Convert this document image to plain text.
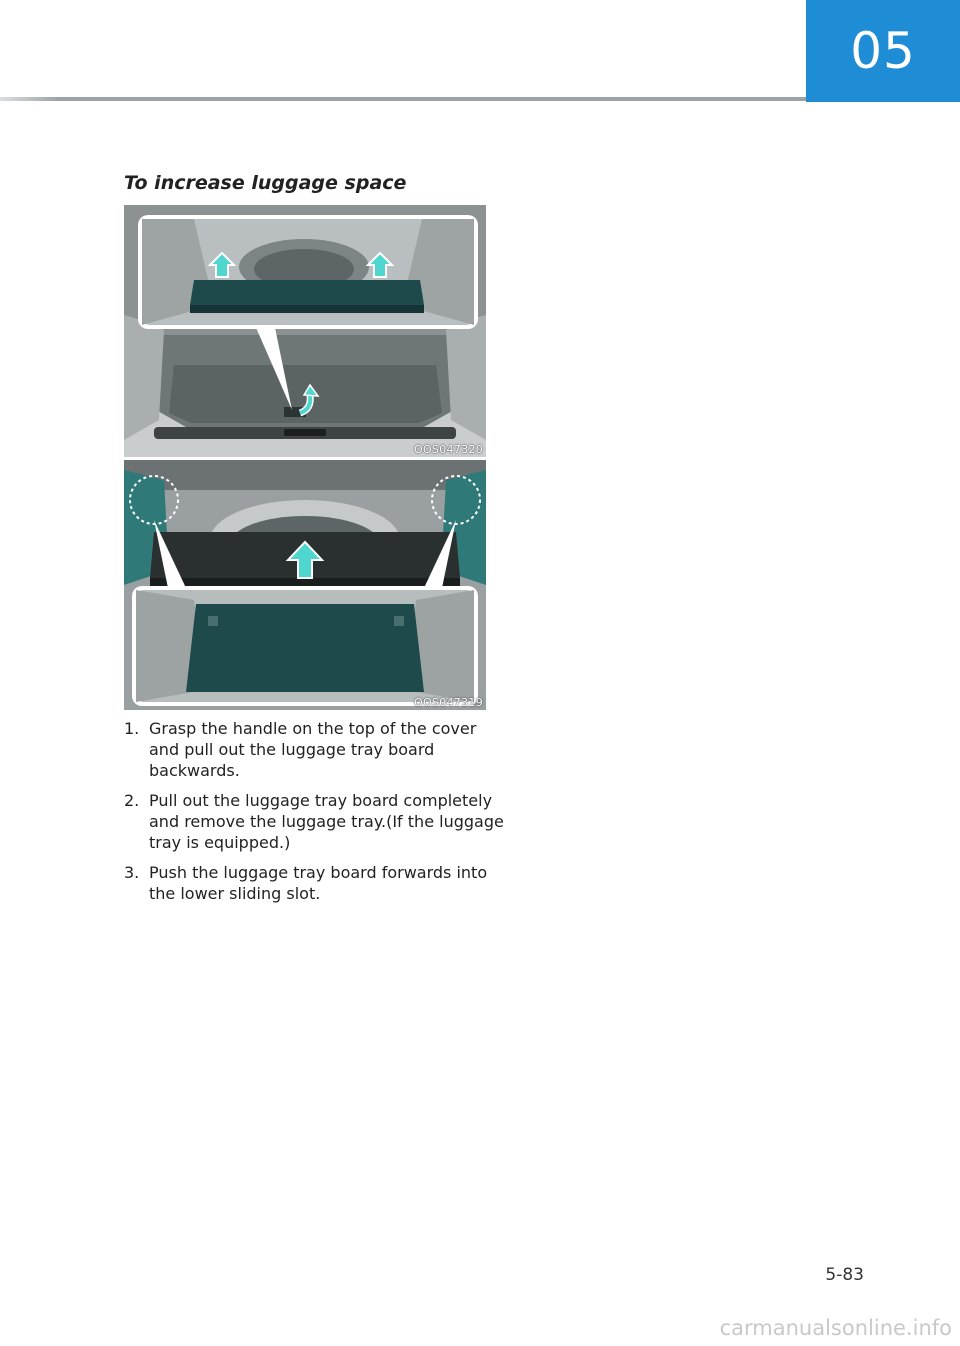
05
To increase luggage space
OOS047320
OOS047319
1. Grasp the handle on the top of the cover and pull out the luggage tray board backwards.
2. Pull out the luggage tray board completely and remove the luggage tray.(If the luggage tray is equipped.)
3. Push the luggage tray board forwards into the lower sliding slot.
5-83
carmanualsonline.info
